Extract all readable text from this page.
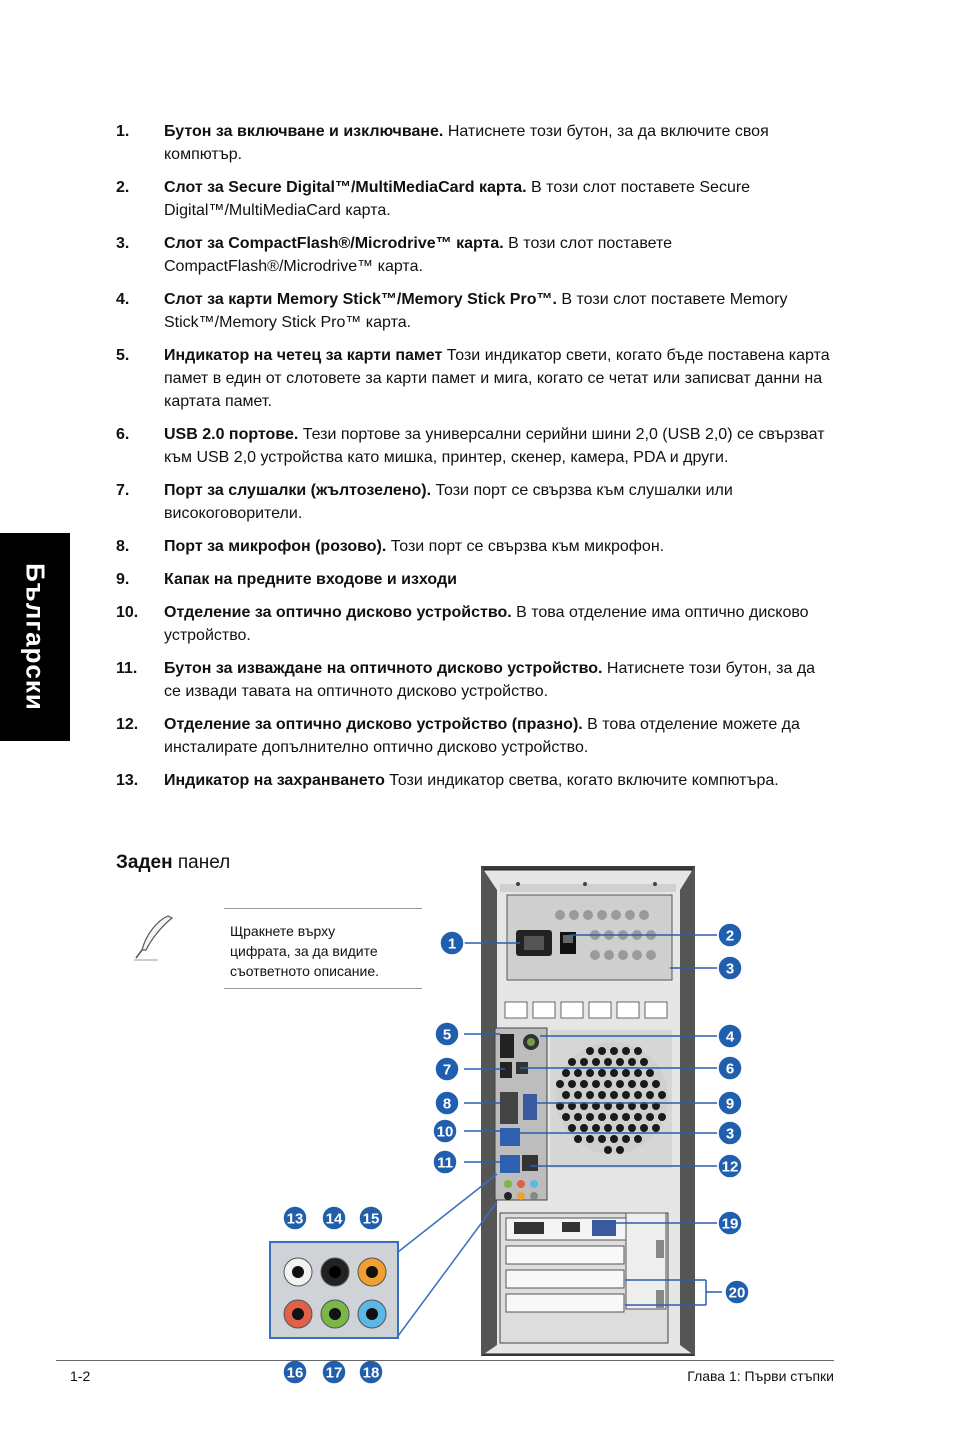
Български
1.	Бутон за включване и изключване. Натиснете този бутон, за да включите своя компютър.
2.	Слот за Secure Digital™/MultiMediaCard карта. В този слот поставете Secure Digital™/MultiMediaCard карта.
3.	Слот за CompactFlash®/Microdrive™ карта. В този слот поставете CompactFlash®/Microdrive™ карта.
4.	Слот за карти Memory Stick™/Memory Stick Pro™. В този слот поставете Memory Stick™/Memory Stick Pro™ карта.
5.	Индикатор на четец за карти памет Този индикатор свети, когато бъде поставена карта памет в един от слотовете за карти памет и мига, когато се четат или записват данни на картата памет.
6.	USB 2.0 портове. Тези портове за универсални серийни шини 2,0 (USB 2,0) се свързват към USB 2,0 устройства като мишка, принтер, скенер, камера, PDA и други.
7.	Порт за слушалки (жълтозелено). Този порт се свързва към слушалки или високоговорители.
8.	Порт за микрофон (розово). Този порт се свързва към микрофон.
9.	Капак на предните входове и изходи
10.	Отделение за оптично дисково устройство. В това отделение има оптично дисково устройство.
11.	Бутон за изваждане на оптичното дисково устройство. Натиснете този бутон, за да се извади тавата на оптичното дисково устройство.
12.	Отделение за оптично дисково устройство (празно). В това отделение можете да инсталирате допълнително оптично дисково устройство.
13.	Индикатор на захранването Този индикатор светва, когато включите компютъра.
Заден панел
Щракнете върху
цифрата, за да видите
съответното описание.
1	2
3
5	4
7	6
8	9
10	3
11	12
13 14 15	19
20
16 17 18
1-2	Глава 1: Първи стъпки
